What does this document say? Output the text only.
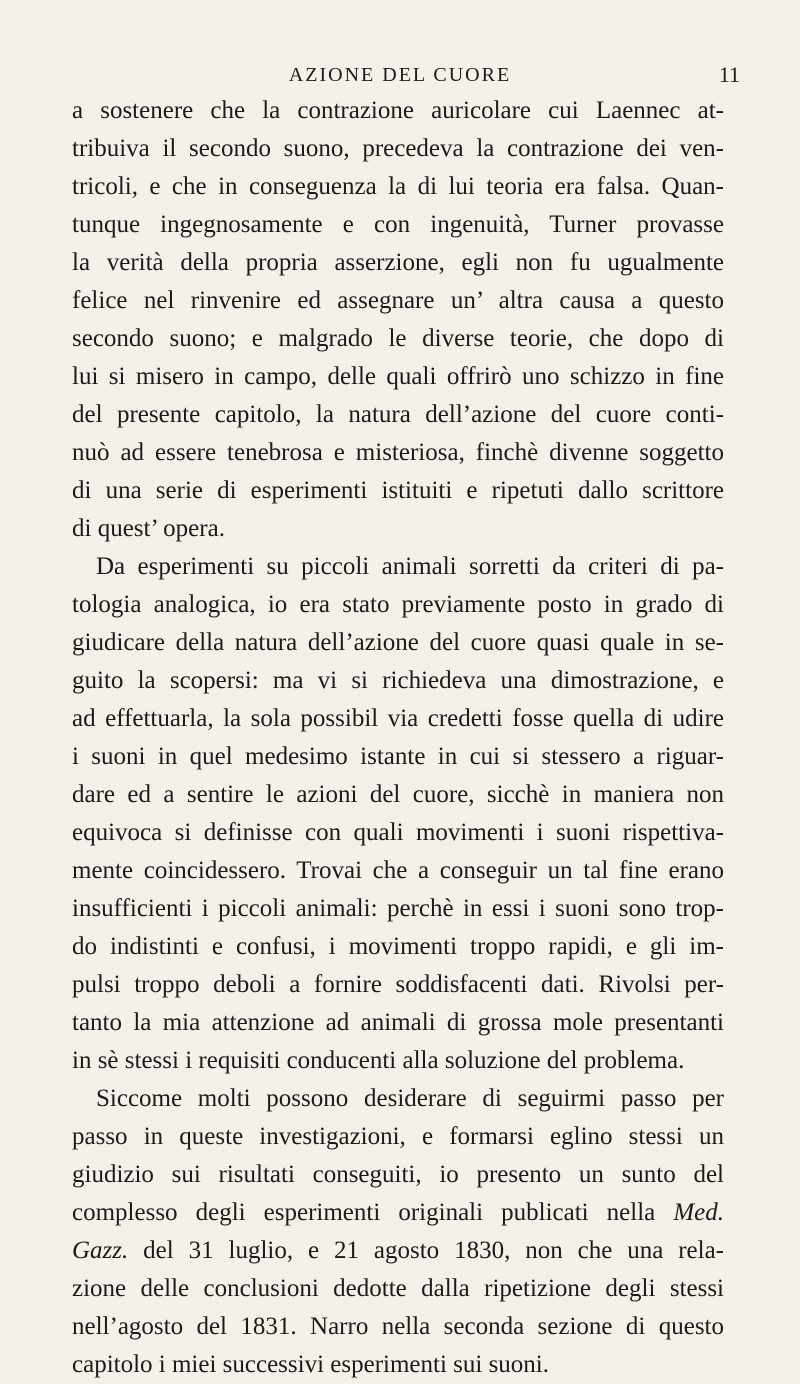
AZIONE DEL CUORE	11
a sostenere che la contrazione auricolare cui Laennec at-
tribuiva il secondo suono, precedeva la contrazione dei ven-
tricoli, e che in conseguenza la di lui teoria era falsa. Quan-
tunque ingegnosamente e con ingenuità, Turner provasse
la verità della propria asserzione, egli non fu ugualmente
felice nel rinvenire ed assegnare un’ altra causa a questo
secondo suono; e malgrado le diverse teorie, che dopo di
lui si misero in campo, delle quali offrirò uno schizzo in fine
del presente capitolo, la natura dell’azione del cuore conti-
nuò ad essere tenebrosa e misteriosa, finchè divenne soggetto
di una serie di esperimenti istituiti e ripetuti dallo scrittore
di quest’ opera.
Da esperimenti su piccoli animali sorretti da criteri di pa-
tologia analogica, io era stato previamente posto in grado di
giudicare della natura dell’azione del cuore quasi quale in se-
guito la scopersi: ma vi si richiedeva una dimostrazione, e
ad effettuarla, la sola possibil via credetti fosse quella di udire
i suoni in quel medesimo istante in cui si stessero a riguar-
dare ed a sentire le azioni del cuore, sicchè in maniera non
equivoca si definisse con quali movimenti i suoni rispettiva-
mente coincidessero. Trovai che a conseguir un tal fine erano
insufficienti i piccoli animali: perchè in essi i suoni sono trop-
do indistinti e confusi, i movimenti troppo rapidi, e gli im-
pulsi troppo deboli a fornire soddisfacenti dati. Rivolsi per-
tanto la mia attenzione ad animali di grossa mole presentanti
in sè stessi i requisiti conducenti alla soluzione del problema.
Siccome molti possono desiderare di seguirmi passo per
passo in queste investigazioni, e formarsi eglino stessi un
giudizio sui risultati conseguiti, io presento un sunto del
complesso degli esperimenti originali publicati nella Med.
Gazz. del 31 luglio, e 21 agosto 1830, non che una rela-
zione delle conclusioni dedotte dalla ripetizione degli stessi
nell’agosto del 1831. Narro nella seconda sezione di questo
capitolo i miei successivi esperimenti sui suoni.
